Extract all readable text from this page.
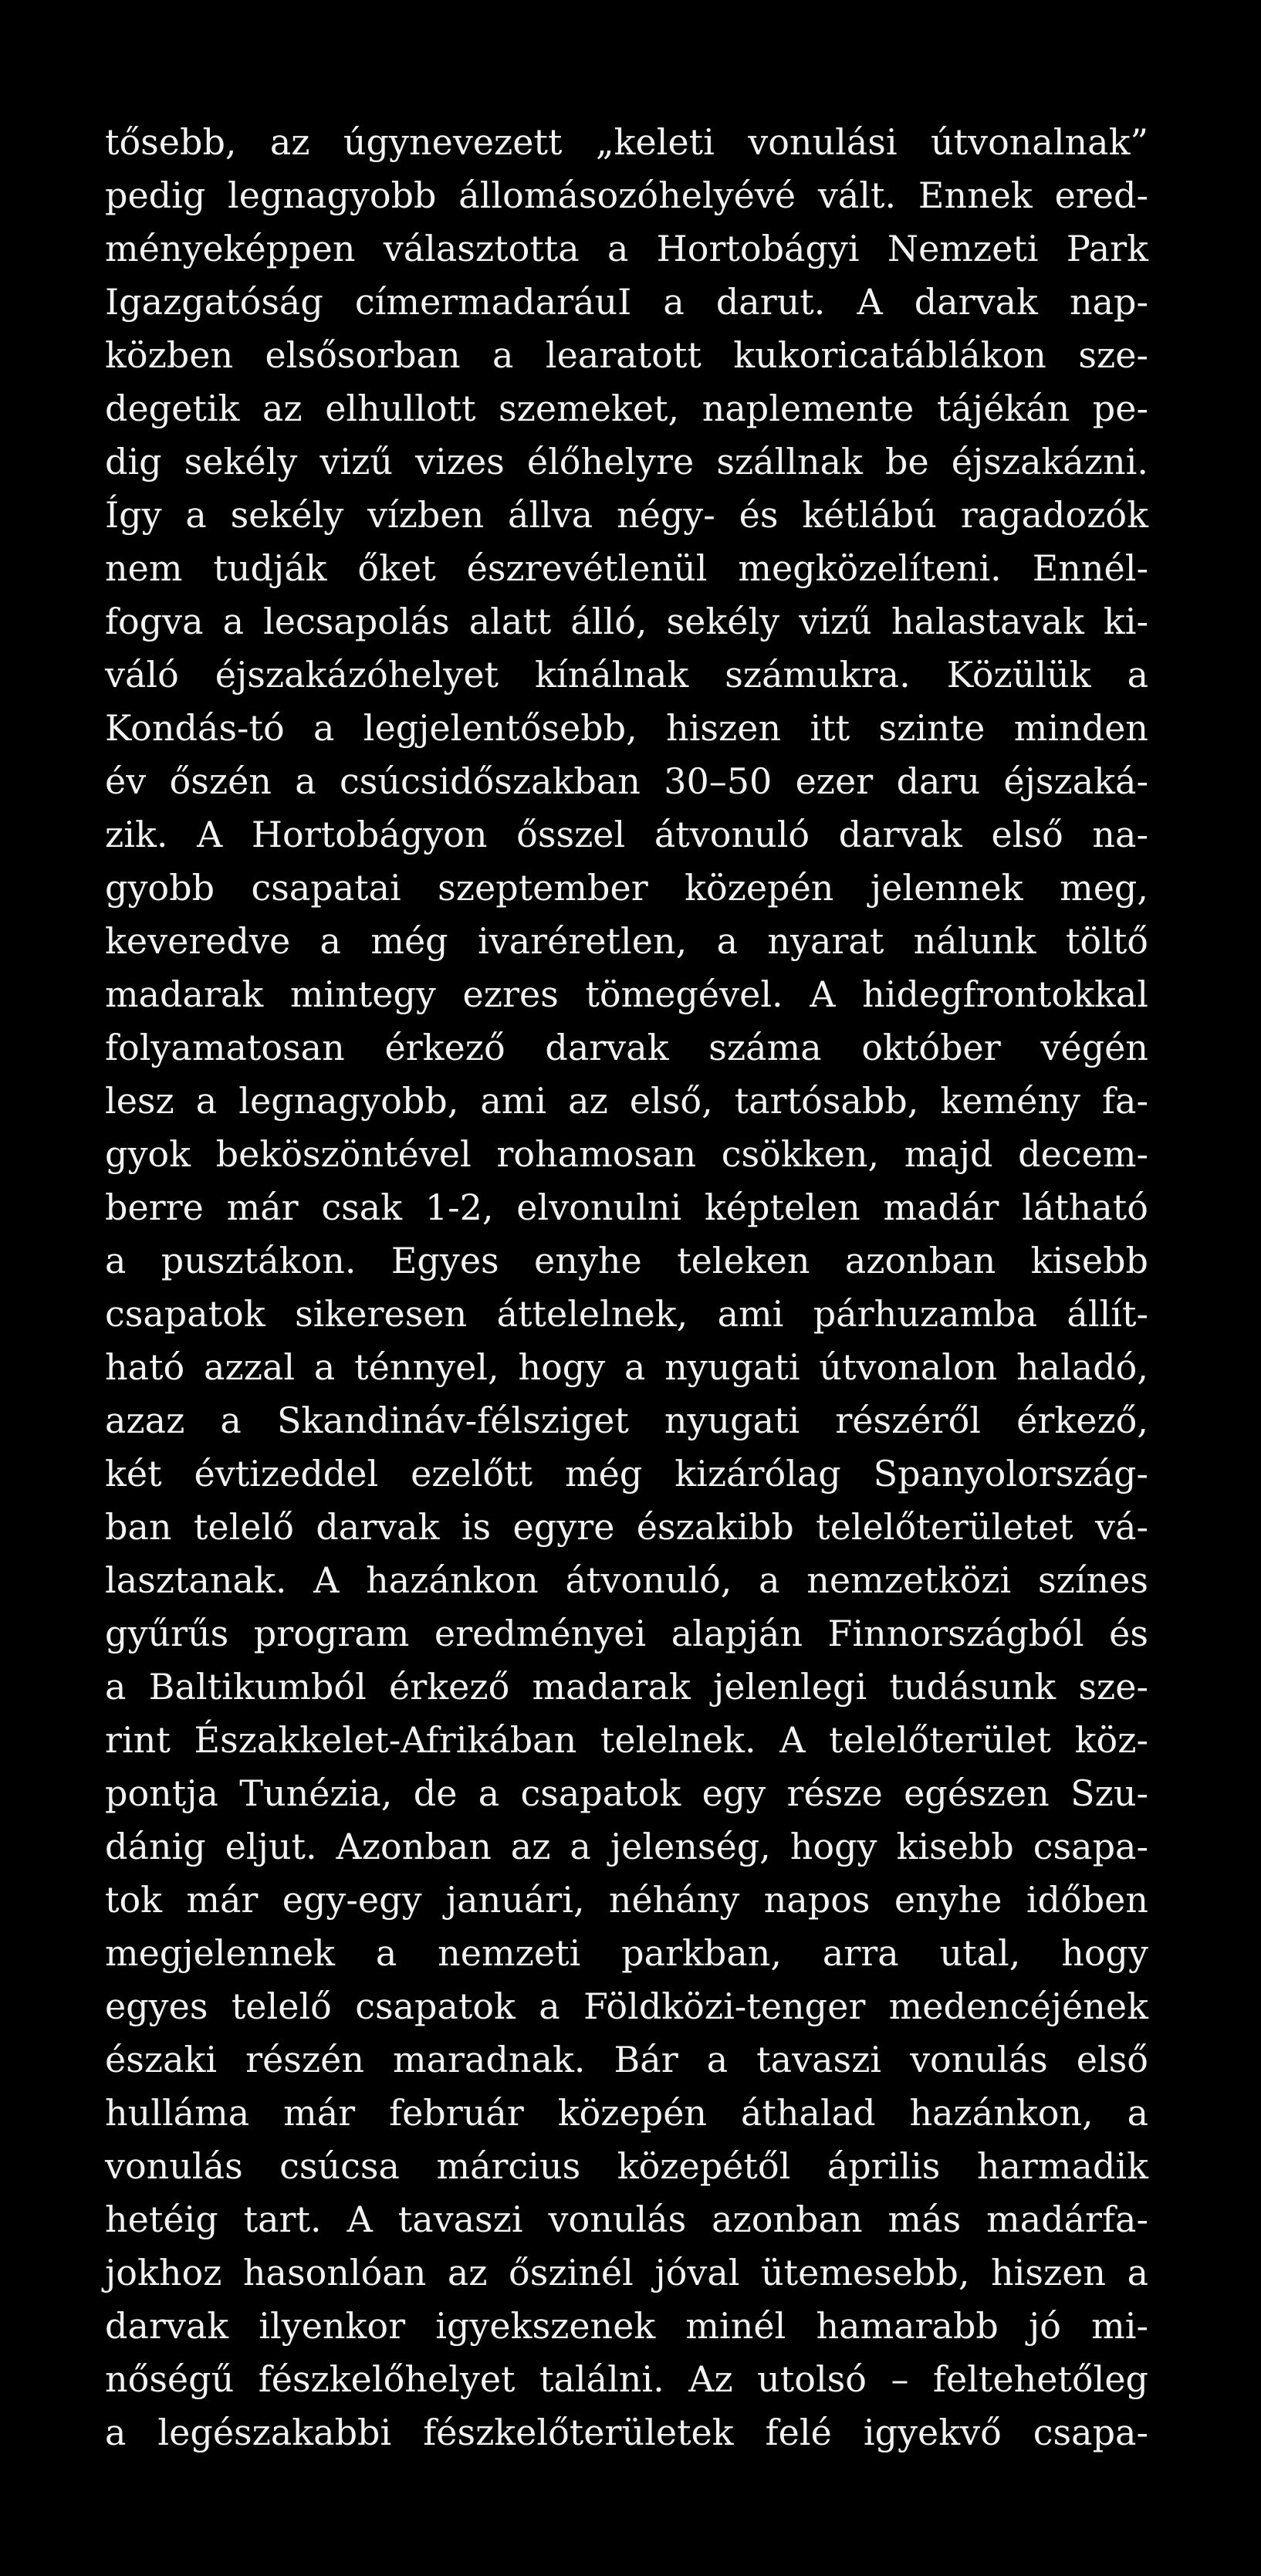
tősebb, az úgynevezett „keleti vonulási útvonalnak”
pedig legnagyobb állomásozóhelyévé vált. Ennek ered-
ményeképpen választotta a Hortobágyi Nemzeti Park
Igazgatóság címermadaráuI a darut. A darvak nap-
közben elsősorban a learatott kukoricatáblákon sze-
degetik az elhullott szemeket, naplemente tájékán pe-
dig sekély vizű vizes élőhelyre szállnak be éjszakázni.
Így a sekély vízben állva négy- és kétlábú ragadozók
nem tudják őket észrevétlenül megközelíteni. Ennél-
fogva a lecsapolás alatt álló, sekély vizű halastavak ki-
váló éjszakázóhelyet kínálnak számukra. Közülük a
Kondás-tó a legjelentősebb, hiszen itt szinte minden
év őszén a csúcsidőszakban 30–50 ezer daru éjszaká-
zik. A Hortobágyon ősszel átvonuló darvak első na-
gyobb csapatai szeptember közepén jelennek meg,
keveredve a még ivaréretlen, a nyarat nálunk töltő
madarak mintegy ezres tömegével. A hidegfrontokkal
folyamatosan érkező darvak száma október végén
lesz a legnagyobb, ami az első, tartósabb, kemény fa-
gyok beköszöntével rohamosan csökken, majd decem-
berre már csak 1-2, elvonulni képtelen madár látható
a pusztákon. Egyes enyhe teleken azonban kisebb
csapatok sikeresen áttelelnek, ami párhuzamba állít-
ható azzal a ténnyel, hogy a nyugati útvonalon haladó,
azaz a Skandináv-félsziget nyugati részéről érkező,
két évtizeddel ezelőtt még kizárólag Spanyolország-
ban telelő darvak is egyre északibb telelőterületet vá-
lasztanak. A hazánkon átvonuló, a nemzetközi színes
gyűrűs program eredményei alapján Finnországból és
a Baltikumból érkező madarak jelenlegi tudásunk sze-
rint Északkelet-Afrikában telelnek. A telelőterület köz-
pontja Tunézia, de a csapatok egy része egészen Szu-
dánig eljut. Azonban az a jelenség, hogy kisebb csapa-
tok már egy-egy januári, néhány napos enyhe időben
megjelennek a nemzeti parkban, arra utal, hogy
egyes telelő csapatok a Földközi-tenger medencéjének
északi részén maradnak. Bár a tavaszi vonulás első
hulláma már február közepén áthalad hazánkon, a
vonulás csúcsa március közepétől április harmadik
hetéig tart. A tavaszi vonulás azonban más madárfa-
jokhoz hasonlóan az őszinél jóval ütemesebb, hiszen a
darvak ilyenkor igyekszenek minél hamarabb jó mi-
nőségű fészkelőhelyet találni. Az utolsó – feltehetőleg
a legészakabbi fészkelőterületek felé igyekvő csapa-
